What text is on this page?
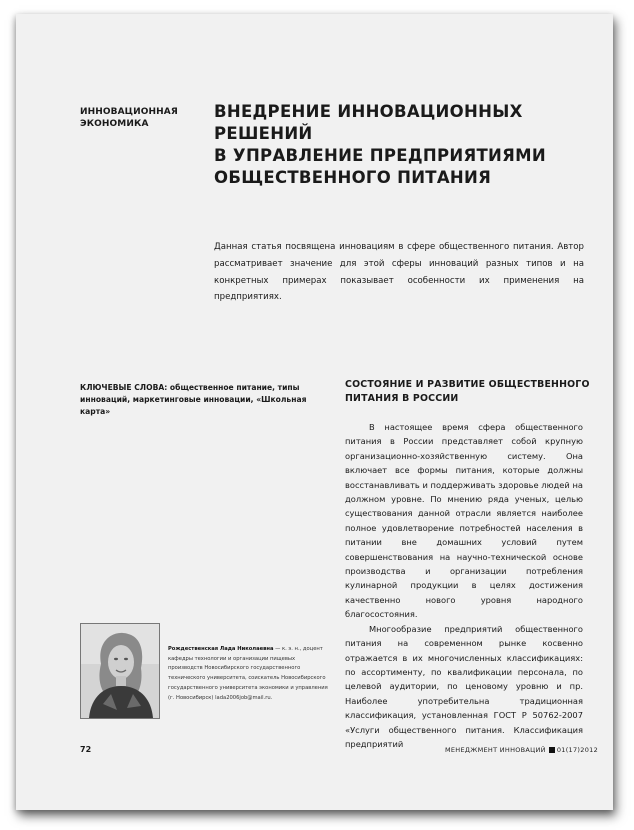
ИННОВАЦИОННАЯ
ЭКОНОМИКА
ВНЕДРЕНИЕ ИННОВАЦИОННЫХ РЕШЕНИЙ
В УПРАВЛЕНИЕ ПРЕДПРИЯТИЯМИ
ОБЩЕСТВЕННОГО ПИТАНИЯ
Данная статья посвящена инновациям в сфере общественного питания. Автор рассматривает значение для этой сферы инноваций разных типов и на конкретных примерах показывает особенности их применения на предприятиях.
КЛЮЧЕВЫЕ СЛОВА: общественное питание, типы инноваций, маркетинговые инновации, «Школьная карта»
СОСТОЯНИЕ И РАЗВИТИЕ ОБЩЕСТВЕННОГО
ПИТАНИЯ В РОССИИ

В настоящее время сфера общественного питания в России представляет собой крупную организационно-хозяйственную систему. Она включает все формы питания, которые должны восстанавливать и поддерживать здоровье людей на должном уровне. По мнению ряда ученых, целью существования данной отрасли является наиболее полное удовлетворение потребностей населения в питании вне домашних условий путем совершенствования на научно-технической основе производства и организации потребления кулинарной продукции в целях достижения качественно нового уровня народного благосостояния.

Многообразие предприятий общественного питания на современном рынке косвенно отражается в их многочисленных классификациях: по ассортименту, по квалификации персонала, по целевой аудитории, по ценовому уровню и пр. Наиболее употребительна традиционная классификация, установленная ГОСТ Р 50762-2007 «Услуги общественного питания. Классификация предприятий

Рождественская Лада Николаевна — к. э. н., доцент кафедры технологии и организации пищевых производств Новосибирского государственного технического университета, соискатель Новосибирского государственного университета экономики и управления (г. Новосибирск) lada2006job@mail.ru.
72	МЕНЕДЖМЕНТ ИННОВАЦИЙ 01(17)2012
